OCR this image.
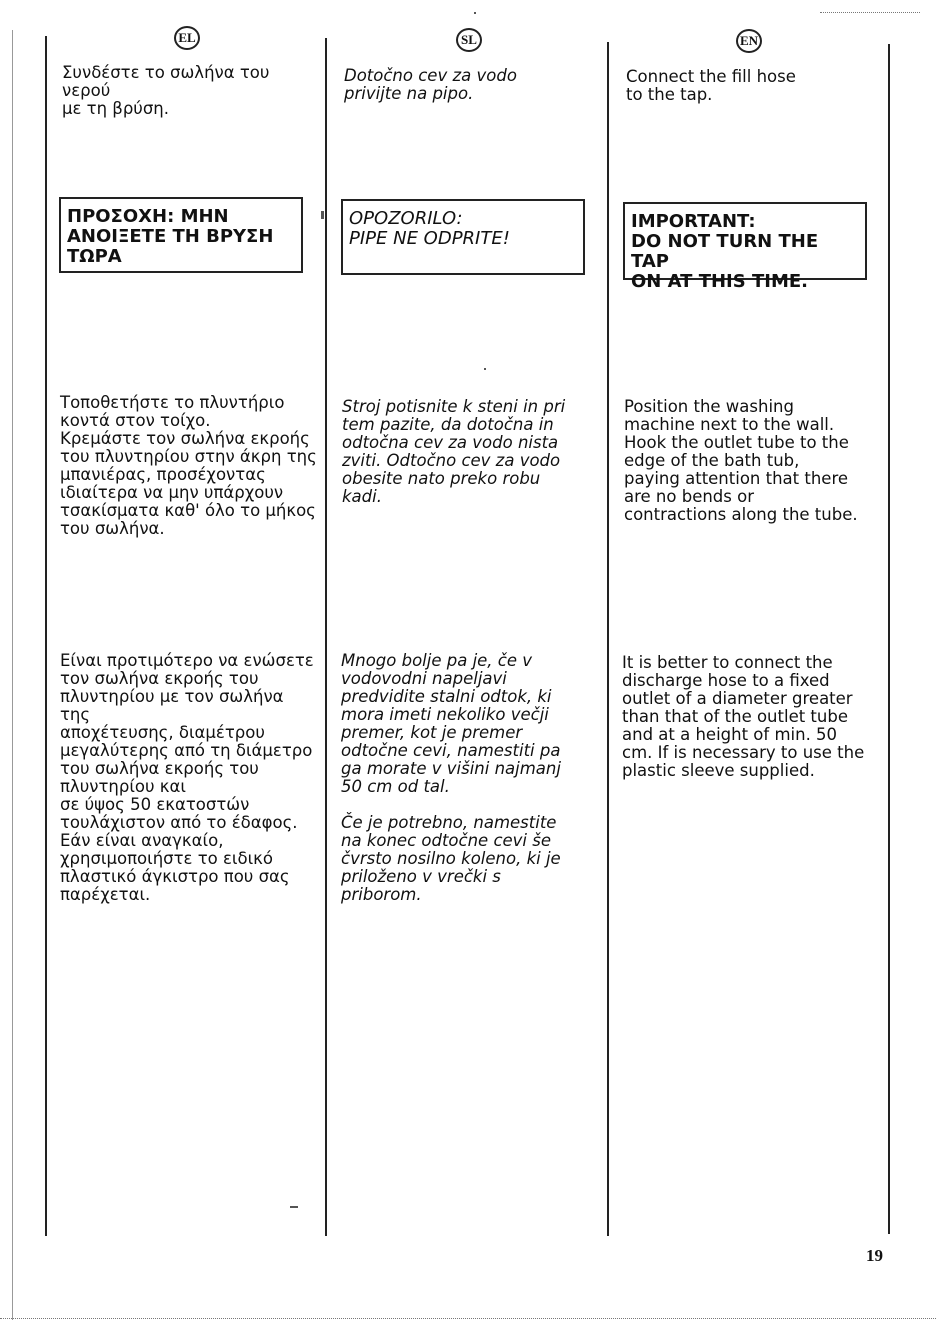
EL

Συνδέστε το σωλήνα του νερού
με τη βρύση.

ΠΡΟΣΟΧΗ: ΜΗΝ
ΑΝΟΙΞΕΤΕ ΤΗ ΒΡΥΣΗ
ΤΩΡΑ

Τοποθετήστε το πλυντήριο
κοντά στον τοίχο.
Κρεμάστε τον σωλήνα εκροής
του πλυντηρίου στην άκρη της
μπανιέρας, προσέχοντας
ιδιαίτερα να μην υπάρχουν
τσακίσματα καθ' όλο το μήκος
του σωλήνα.

Είναι προτιμότερο να ενώσετε
τον σωλήνα εκροής του
πλυντηρίου με τον σωλήνα της
αποχέτευσης, διαμέτρου
μεγαλύτερης από τη διάμετρο
του σωλήνα εκροής του
πλυντηρίου και
σε ύψος 50 εκατοστών
τουλάχιστον από το έδαφος.
Εάν είναι αναγκαίο,
χρησιμοποιήστε το ειδικό
πλαστικό άγκιστρο που σας
παρέχεται.

SL

Dotočno cev za vodo
privijte na pipo.

OPOZORILO:
PIPE NE ODPRITE!

Stroj potisnite k steni in pri
tem pazite, da dotočna in
odtočna cev za vodo nista
zviti. Odtočno cev za vodo
obesite nato preko robu
kadi.

Mnogo bolje pa je, če v
vodovodni napeljavi
predvidite stalni odtok, ki
mora imeti nekoliko večji
premer, kot je premer
odtočne cevi, namestiti pa
ga morate v višini najmanj
50 cm od tal.

Če je potrebno, namestite
na konec odtočne cevi še
čvrsto nosilno koleno, ki je
priloženo v vrečki s
priborom.

EN

Connect the fill hose
to the tap.

IMPORTANT:
DO NOT TURN THE TAP
ON AT THIS TIME.

Position the washing
machine next to the wall.
Hook the outlet tube to the
edge of the bath tub,
paying attention that there
are no bends or
contractions along the tube.

It is better to connect the
discharge hose to a fixed
outlet of a diameter greater
than that of the outlet tube
and at a height of min. 50
cm. If is necessary to use the
plastic sleeve supplied.

19
